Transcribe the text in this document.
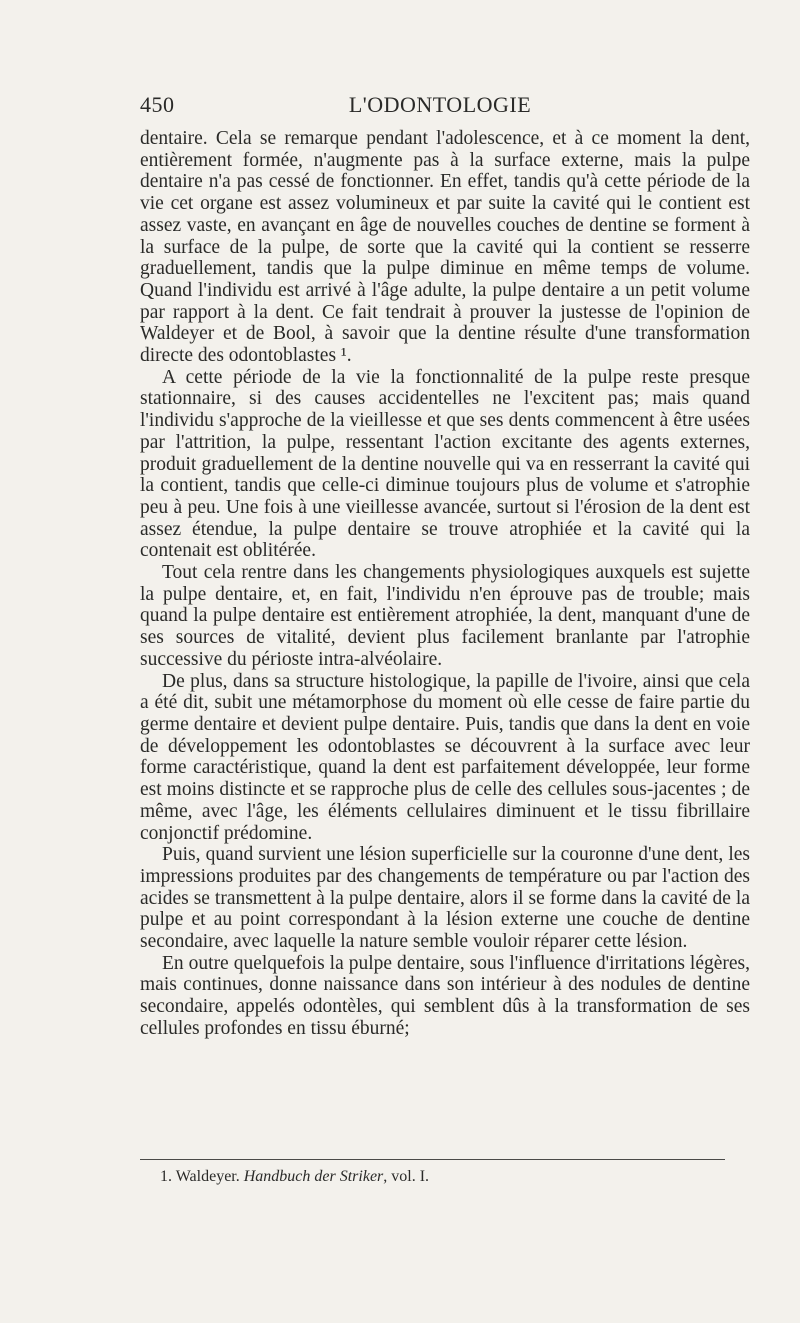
450	L'ODONTOLOGIE

dentaire. Cela se remarque pendant l'adolescence, et à ce moment la dent, entièrement formée, n'augmente pas à la surface externe, mais la pulpe dentaire n'a pas cessé de fonctionner. En effet, tandis qu'à cette période de la vie cet organe est assez volumineux et par suite la cavité qui le contient est assez vaste, en avançant en âge de nouvelles couches de dentine se forment à la surface de la pulpe, de sorte que la cavité qui la contient se resserre graduellement, tandis que la pulpe diminue en même temps de volume. Quand l'individu est arrivé à l'âge adulte, la pulpe dentaire a un petit volume par rapport à la dent. Ce fait tendrait à prouver la justesse de l'opinion de Waldeyer et de Bool, à savoir que la dentine résulte d'une transformation directe des odontoblastes ¹.

A cette période de la vie la fonctionnalité de la pulpe reste presque stationnaire, si des causes accidentelles ne l'excitent pas; mais quand l'individu s'approche de la vieillesse et que ses dents commencent à être usées par l'attrition, la pulpe, ressentant l'action excitante des agents externes, produit graduellement de la dentine nouvelle qui va en resserrant la cavité qui la contient, tandis que celle-ci diminue toujours plus de volume et s'atrophie peu à peu. Une fois à une vieillesse avancée, surtout si l'érosion de la dent est assez étendue, la pulpe dentaire se trouve atrophiée et la cavité qui la contenait est oblitérée.

Tout cela rentre dans les changements physiologiques auxquels est sujette la pulpe dentaire, et, en fait, l'individu n'en éprouve pas de trouble; mais quand la pulpe dentaire est entièrement atrophiée, la dent, manquant d'une de ses sources de vitalité, devient plus facilement branlante par l'atrophie successive du périoste intra-alvéolaire.

De plus, dans sa structure histologique, la papille de l'ivoire, ainsi que cela a été dit, subit une métamorphose du moment où elle cesse de faire partie du germe dentaire et devient pulpe dentaire. Puis, tandis que dans la dent en voie de développement les odontoblastes se découvrent à la surface avec leur forme caractéristique, quand la dent est parfaitement développée, leur forme est moins distincte et se rapproche plus de celle des cellules sous-jacentes ; de même, avec l'âge, les éléments cellulaires diminuent et le tissu fibrillaire conjonctif prédomine.

Puis, quand survient une lésion superficielle sur la couronne d'une dent, les impressions produites par des changements de température ou par l'action des acides se transmettent à la pulpe dentaire, alors il se forme dans la cavité de la pulpe et au point correspondant à la lésion externe une couche de dentine secondaire, avec laquelle la nature semble vouloir réparer cette lésion.

En outre quelquefois la pulpe dentaire, sous l'influence d'irritations légères, mais continues, donne naissance dans son intérieur à des nodules de dentine secondaire, appelés odontèles, qui semblent dûs à la transformation de ses cellules profondes en tissu éburné;

1. Waldeyer. Handbuch der Striker, vol. I.
